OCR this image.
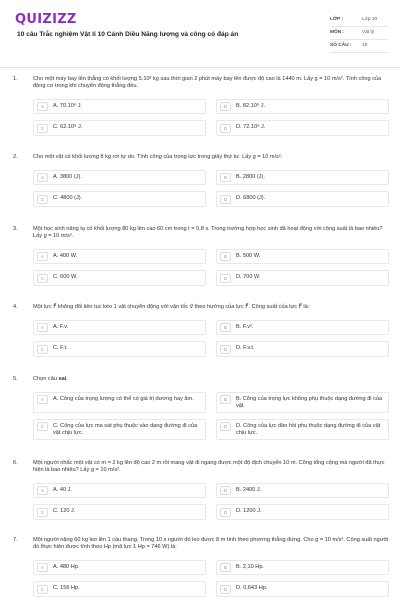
QUIZIZZ
10 câu Trắc nghiệm Vật lí 10 Cánh Diều Năng lượng và công có đáp án
LỚP :	Lớp 10
MÔN :	Vật lý
SỐ CÂU :	10
1.	Cho một máy bay lên thẳng có khối lượng 5.10³ kg sau thời gian 2 phút máy bay lên được độ cao là 1440 m. Lấy g = 10 m/s². Tính công của động cơ trong khi chuyển động thẳng đều.
A	A. 70.10⁶ J.	B	B. 82.10⁶ J.
C	C. 62.10⁶ J.	D	D. 72.10⁶ J.
2.	Cho một vật có khối lượng 8 kg rơi tự do. Tính công của trọng lực trong giây thứ tư. Lấy g = 10 m/s².
A	A. 3800 (J).	B	B. 2800 (J).
C	C. 4800 (J).	D	D. 6800 (J).
3.	Một học sinh nâng tạ có khối lượng 80 kg lên cao 60 cm trong t = 0,8 s. Trong trường hợp học sinh đã hoạt động với công suất là bao nhiêu? Lấy g = 10 m/s².
A	A. 400 W.	B	B. 500 W.
C	C. 600 W.	D	D. 700 W.
4.	Một lực F⃗ không đổi liên tục kéo 1 vật chuyển động với vận tốc v⃗ theo hướng của lực F⃗. Công suất của lực F⃗ là:
A	A. F.v.	B	B. F.v².
C	C. F.t.	D	D. F.v.t.
5.	Chọn câu sai.
A	A. Công của trọng lượng có thể có giá trị dương hay âm.	B	B. Công của trọng lực không phụ thuộc dạng đường đi của vật.
C	C. Công của lực ma sát phụ thuộc vào dạng đường đi của vật chịu lực.
D	D. Công của lực đàn hồi phụ thuộc dạng đường đi của vật chịu lực.
6.	Một người nhấc một vật có m = 2 kg lên độ cao 2 m rồi mang vật đi ngang được một độ dịch chuyển 10 m. Công tổng cộng mà người đã thực hiện là bao nhiêu? Lấy g = 10 m/s².
A	A. 40 J.	B	B. 2400 J.
C	C. 120 J.	D	D. 1200 J.
7.	Một người nặng 60 kg leo lên 1 cầu thang. Trong 10 s người đó leo được 8 m tính theo phương thẳng đứng. Cho g = 10 m/s². Công suất người đó thực hiện được tính theo Hp (mã lực 1 Hp = 746 W) là:
A	A. 480 Hp.	B	B. 2,10 Hp.
C	C. 156 Hp.	D	D. 0,643 Hp.
